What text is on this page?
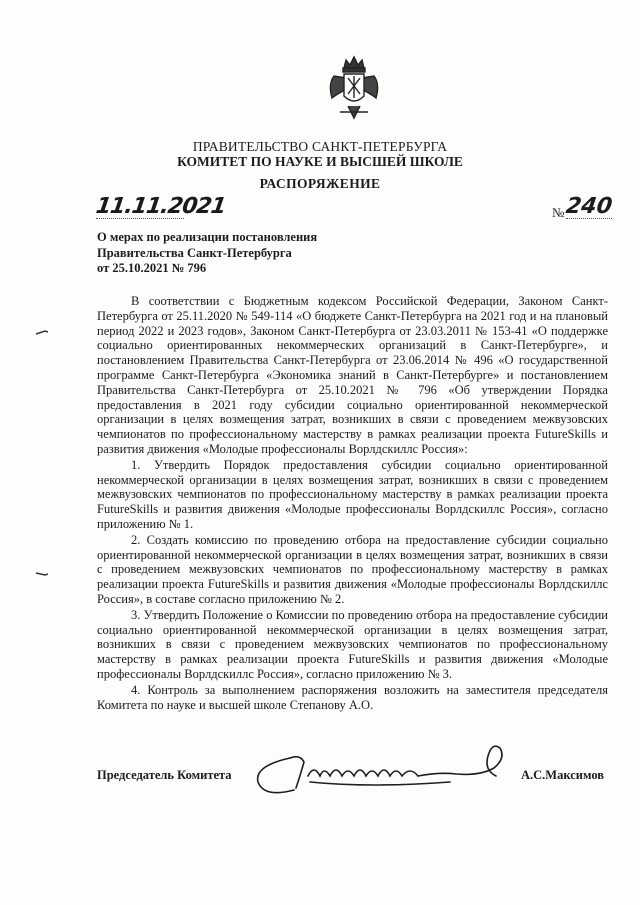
ПРАВИТЕЛЬСТВО САНКТ-ПЕТЕРБУРГА
КОМИТЕТ ПО НАУКЕ И ВЫСШЕЙ ШКОЛЕ
РАСПОРЯЖЕНИЕ
11.11.2021	№ 240
О мерах по реализации постановления
Правительства Санкт-Петербурга
от 25.10.2021 № 796

В соответствии с Бюджетным кодексом Российской Федерации, Законом Санкт-Петербурга от 25.11.2020 № 549-114 «О бюджете Санкт-Петербурга на 2021 год и на плановый период 2022 и 2023 годов», Законом Санкт-Петербурга от 23.03.2011 № 153-41 «О поддержке социально ориентированных некоммерческих организаций в Санкт-Петербурге», и постановлением Правительства Санкт-Петербурга от 23.06.2014 № 496 «О государственной программе Санкт-Петербурга «Экономика знаний в Санкт-Петербурге» и постановлением Правительства Санкт-Петербурга от 25.10.2021 № 796 «Об утверждении Порядка предоставления в 2021 году субсидии социально ориентированной некоммерческой организации в целях возмещения затрат, возникших в связи с проведением межвузовских чемпионатов по профессиональному мастерству в рамках реализации проекта FutureSkills и развития движения «Молодые профессионалы Ворлдскиллс Россия»:

1. Утвердить Порядок предоставления субсидии социально ориентированной некоммерческой организации в целях возмещения затрат, возникших в связи с проведением межвузовских чемпионатов по профессиональному мастерству в рамках реализации проекта FutureSkills и развития движения «Молодые профессионалы Ворлдскиллс Россия», согласно приложению № 1.

2. Создать комиссию по проведению отбора на предоставление субсидии социально ориентированной некоммерческой организации в целях возмещения затрат, возникших в связи с проведением межвузовских чемпионатов по профессиональному мастерству в рамках реализации проекта FutureSkills и развития движения «Молодые профессионалы Ворлдскиллс Россия», в составе согласно приложению № 2.

3. Утвердить Положение о Комиссии по проведению отбора на предоставление субсидии социально ориентированной некоммерческой организации в целях возмещения затрат, возникших в связи с проведением межвузовских чемпионатов по профессиональному мастерству в рамках реализации проекта FutureSkills и развития движения «Молодые профессионалы Ворлдскиллс Россия», согласно приложению № 3.

4. Контроль за выполнением распоряжения возложить на заместителя председателя Комитета по науке и высшей школе Степанову А.О.

Председатель Комитета	А.С.Максимов
